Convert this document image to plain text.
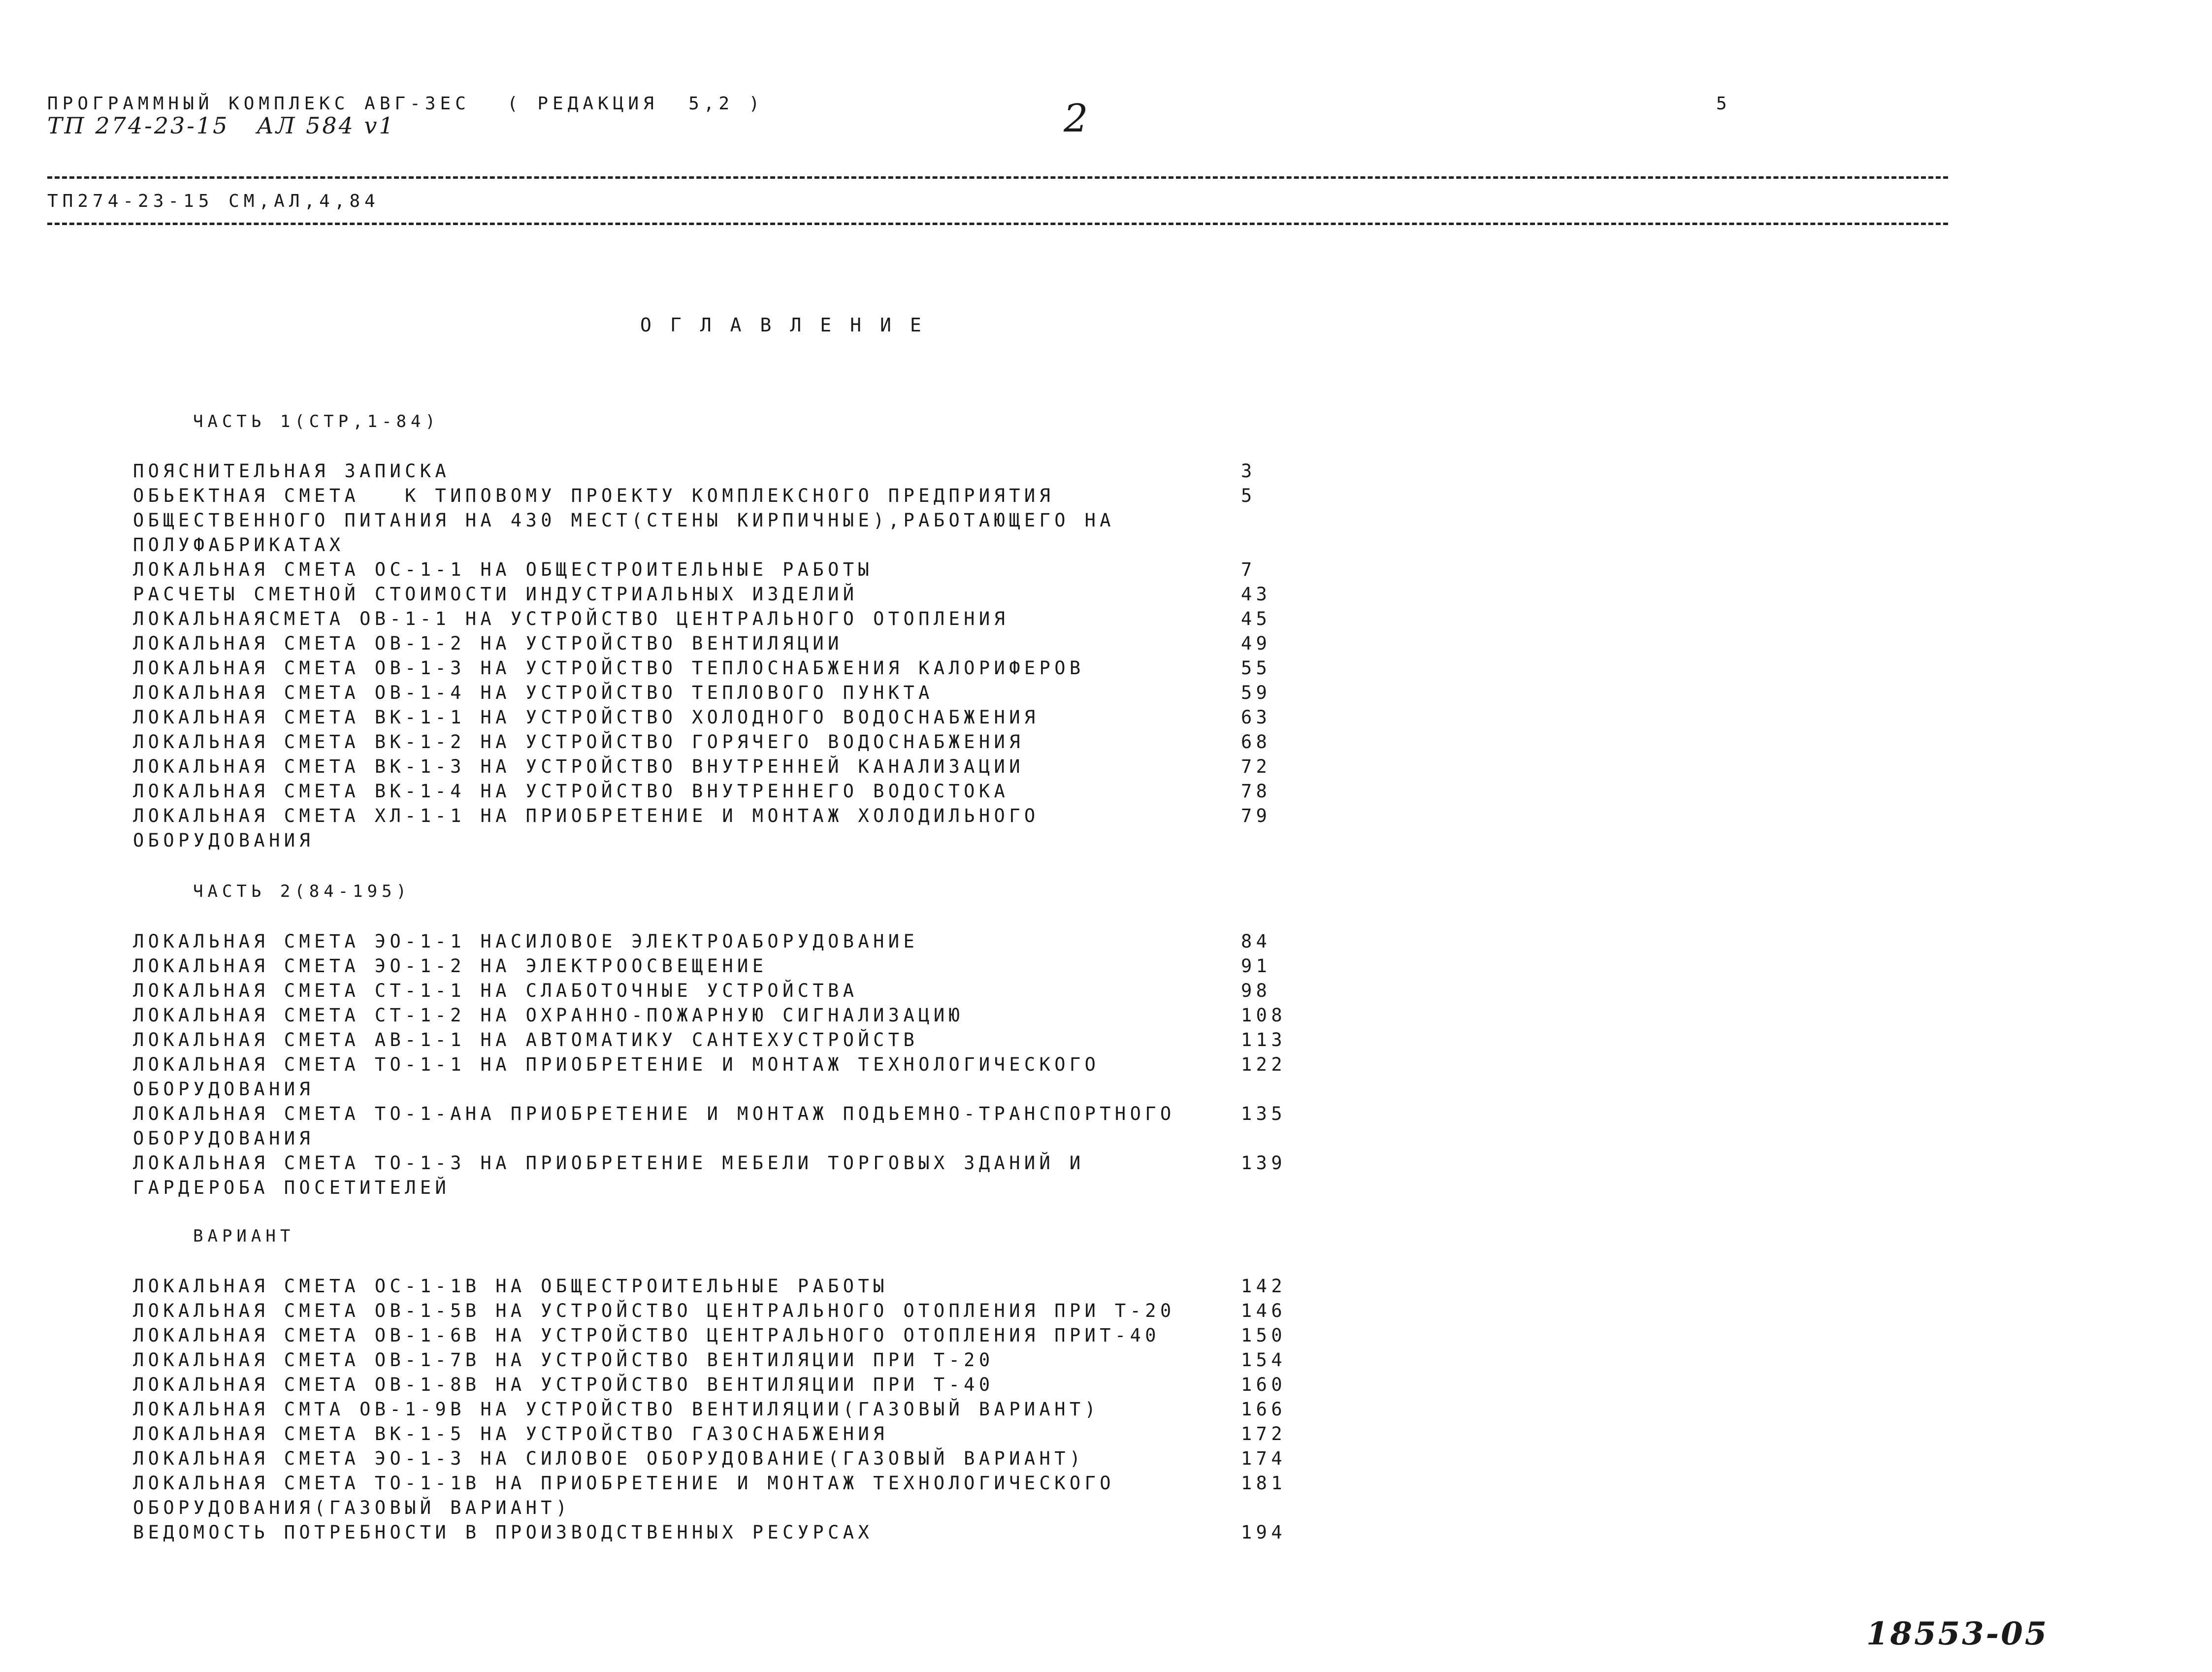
ПРОГРАММНЫЙ КОМПЛЕКС АВГ-3ЕС ( РЕДАКЦИЯ  5,2 )	5
ТП 274-23-15   АЛ 584 v1	2
ТП274-23-15 СМ,АЛ,4,84
ОГЛАВЛЕНИЕ
ЧАСТЬ 1(СТР,1-84)
ПОЯСНИТЕЛЬНАЯ ЗАПИСКА	3
ОБЬЕКТНАЯ СМЕТА   К ТИПОВОМУ ПРОЕКТУ КОМПЛЕКСНОГО ПРЕДПРИЯТИЯ	5
ОБЩЕСТВЕННОГО ПИТАНИЯ НА 430 МЕСТ(СТЕНЫ КИРПИЧНЫЕ),РАБОТАЮЩЕГО НА
ПОЛУФАБРИКАТАХ
ЛОКАЛЬНАЯ СМЕТА ОС-1-1 НА ОБЩЕСТРОИТЕЛЬНЫЕ РАБОТЫ	7
РАСЧЕТЫ СМЕТНОЙ СТОИМОСТИ ИНДУСТРИАЛЬНЫХ ИЗДЕЛИЙ	43
ЛОКАЛЬНАЯСМЕТА ОВ-1-1 НА УСТРОЙСТВО ЦЕНТРАЛЬНОГО ОТОПЛЕНИЯ	45
ЛОКАЛЬНАЯ СМЕТА ОВ-1-2 НА УСТРОЙСТВО ВЕНТИЛЯЦИИ	49
ЛОКАЛЬНАЯ СМЕТА ОВ-1-3 НА УСТРОЙСТВО ТЕПЛОСНАБЖЕНИЯ КАЛОРИФЕРОВ	55
ЛОКАЛЬНАЯ СМЕТА ОВ-1-4 НА УСТРОЙСТВО ТЕПЛОВОГО ПУНКТА	59
ЛОКАЛЬНАЯ СМЕТА ВК-1-1 НА УСТРОЙСТВО ХОЛОДНОГО ВОДОСНАБЖЕНИЯ	63
ЛОКАЛЬНАЯ СМЕТА ВК-1-2 НА УСТРОЙСТВО ГОРЯЧЕГО ВОДОСНАБЖЕНИЯ	68
ЛОКАЛЬНАЯ СМЕТА ВК-1-3 НА УСТРОЙСТВО ВНУТРЕННЕЙ КАНАЛИЗАЦИИ	72
ЛОКАЛЬНАЯ СМЕТА ВК-1-4 НА УСТРОЙСТВО ВНУТРЕННЕГО ВОДОСТОКА	78
ЛОКАЛЬНАЯ СМЕТА ХЛ-1-1 НА ПРИОБРЕТЕНИЕ И МОНТАЖ ХОЛОДИЛЬНОГО	79
ОБОРУДОВАНИЯ
ЧАСТЬ 2(84-195)
ЛОКАЛЬНАЯ СМЕТА ЭО-1-1 НАСИЛОВОЕ ЭЛЕКТРОАБОРУДОВАНИЕ	84
ЛОКАЛЬНАЯ СМЕТА ЭО-1-2 НА ЭЛЕКТРООСВЕЩЕНИЕ	91
ЛОКАЛЬНАЯ СМЕТА СТ-1-1 НА СЛАБОТОЧНЫЕ УСТРОЙСТВА	98
ЛОКАЛЬНАЯ СМЕТА СТ-1-2 НА ОХРАННО-ПОЖАРНУЮ СИГНАЛИЗАЦИЮ	108
ЛОКАЛЬНАЯ СМЕТА АВ-1-1 НА АВТОМАТИКУ САНТЕХУСТРОЙСТВ	113
ЛОКАЛЬНАЯ СМЕТА ТО-1-1 НА ПРИОБРЕТЕНИЕ И МОНТАЖ ТЕХНОЛОГИЧЕСКОГО	122
ОБОРУДОВАНИЯ
ЛОКАЛЬНАЯ СМЕТА ТО-1-АНА ПРИОБРЕТЕНИЕ И МОНТАЖ ПОДЬЕМНО-ТРАНСПОРТНОГО	135
ОБОРУДОВАНИЯ
ЛОКАЛЬНАЯ СМЕТА ТО-1-3 НА ПРИОБРЕТЕНИЕ МЕБЕЛИ ТОРГОВЫХ ЗДАНИЙ И	139
ГАРДЕРОБА ПОСЕТИТЕЛЕЙ
ВАРИАНТ
ЛОКАЛЬНАЯ СМЕТА ОС-1-1В НА ОБЩЕСТРОИТЕЛЬНЫЕ РАБОТЫ	142
ЛОКАЛЬНАЯ СМЕТА ОВ-1-5В НА УСТРОЙСТВО ЦЕНТРАЛЬНОГО ОТОПЛЕНИЯ ПРИ Т-20	146
ЛОКАЛЬНАЯ СМЕТА ОВ-1-6В НА УСТРОЙСТВО ЦЕНТРАЛЬНОГО ОТОПЛЕНИЯ ПРИТ-40	150
ЛОКАЛЬНАЯ СМЕТА ОВ-1-7В НА УСТРОЙСТВО ВЕНТИЛЯЦИИ ПРИ Т-20	154
ЛОКАЛЬНАЯ СМЕТА ОВ-1-8В НА УСТРОЙСТВО ВЕНТИЛЯЦИИ ПРИ Т-40	160
ЛОКАЛЬНАЯ СМТА ОВ-1-9В НА УСТРОЙСТВО ВЕНТИЛЯЦИИ(ГАЗОВЫЙ ВАРИАНТ)	166
ЛОКАЛЬНАЯ СМЕТА ВК-1-5 НА УСТРОЙСТВО ГАЗОСНАБЖЕНИЯ	172
ЛОКАЛЬНАЯ СМЕТА ЭО-1-3 НА СИЛОВОЕ ОБОРУДОВАНИЕ(ГАЗОВЫЙ ВАРИАНТ)	174
ЛОКАЛЬНАЯ СМЕТА ТО-1-1В НА ПРИОБРЕТЕНИЕ И МОНТАЖ ТЕХНОЛОГИЧЕСКОГО	181
ОБОРУДОВАНИЯ(ГАЗОВЫЙ ВАРИАНТ)
ВЕДОМОСТЬ ПОТРЕБНОСТИ В ПРОИЗВОДСТВЕННЫХ РЕСУРСАХ	194
18553-05
